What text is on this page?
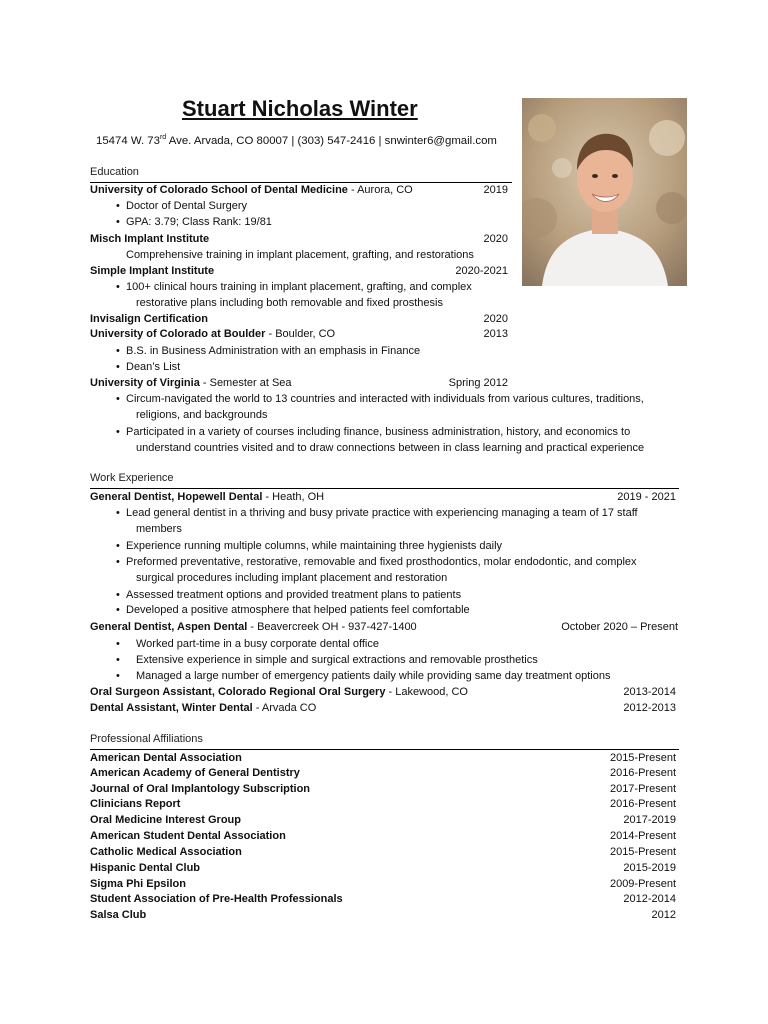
Stuart Nicholas Winter
15474 W. 73rd Ave. Arvada, CO 80007 | (303) 547-2416 | snwinter6@gmail.com
Education
University of Colorado School of Dental Medicine - Aurora, CO	2019
• Doctor of Dental Surgery
• GPA: 3.79; Class Rank: 19/81
Misch Implant Institute	2020
Comprehensive training in implant placement, grafting, and restorations
Simple Implant Institute	2020-2021
• 100+ clinical hours training in implant placement, grafting, and complex
restorative plans including both removable and fixed prosthesis
Invisalign Certification	2020
University of Colorado at Boulder - Boulder, CO	2013
• B.S. in Business Administration with an emphasis in Finance
• Dean’s List
University of Virginia - Semester at Sea	Spring 2012
• Circum-navigated the world to 13 countries and interacted with individuals from various cultures, traditions,
religions, and backgrounds
• Participated in a variety of courses including finance, business administration, history, and economics to
understand countries visited and to draw connections between in class learning and practical experience
Work Experience
General Dentist, Hopewell Dental - Heath, OH	2019 - 2021
• Lead general dentist in a thriving and busy private practice with experiencing managing a team of 17 staff
members
• Experience running multiple columns, while maintaining three hygienists daily
• Preformed preventative, restorative, removable and fixed prosthodontics, molar endodontic, and complex
surgical procedures including implant placement and restoration
• Assessed treatment options and provided treatment plans to patients
• Developed a positive atmosphere that helped patients feel comfortable
General Dentist, Aspen Dental - Beavercreek OH - 937-427-1400	October 2020 – Present
• Worked part-time in a busy corporate dental office
• Extensive experience in simple and surgical extractions and removable prosthetics
• Managed a large number of emergency patients daily while providing same day treatment options
Oral Surgeon Assistant, Colorado Regional Oral Surgery - Lakewood, CO	2013-2014
Dental Assistant, Winter Dental - Arvada CO	2012-2013
Professional Affiliations
American Dental Association	2015-Present
American Academy of General Dentistry	2016-Present
Journal of Oral Implantology Subscription	2017-Present
Clinicians Report	2016-Present
Oral Medicine Interest Group	2017-2019
American Student Dental Association	2014-Present
Catholic Medical Association	2015-Present
Hispanic Dental Club	2015-2019
Sigma Phi Epsilon	2009-Present
Student Association of Pre-Health Professionals	2012-2014
Salsa Club	2012
